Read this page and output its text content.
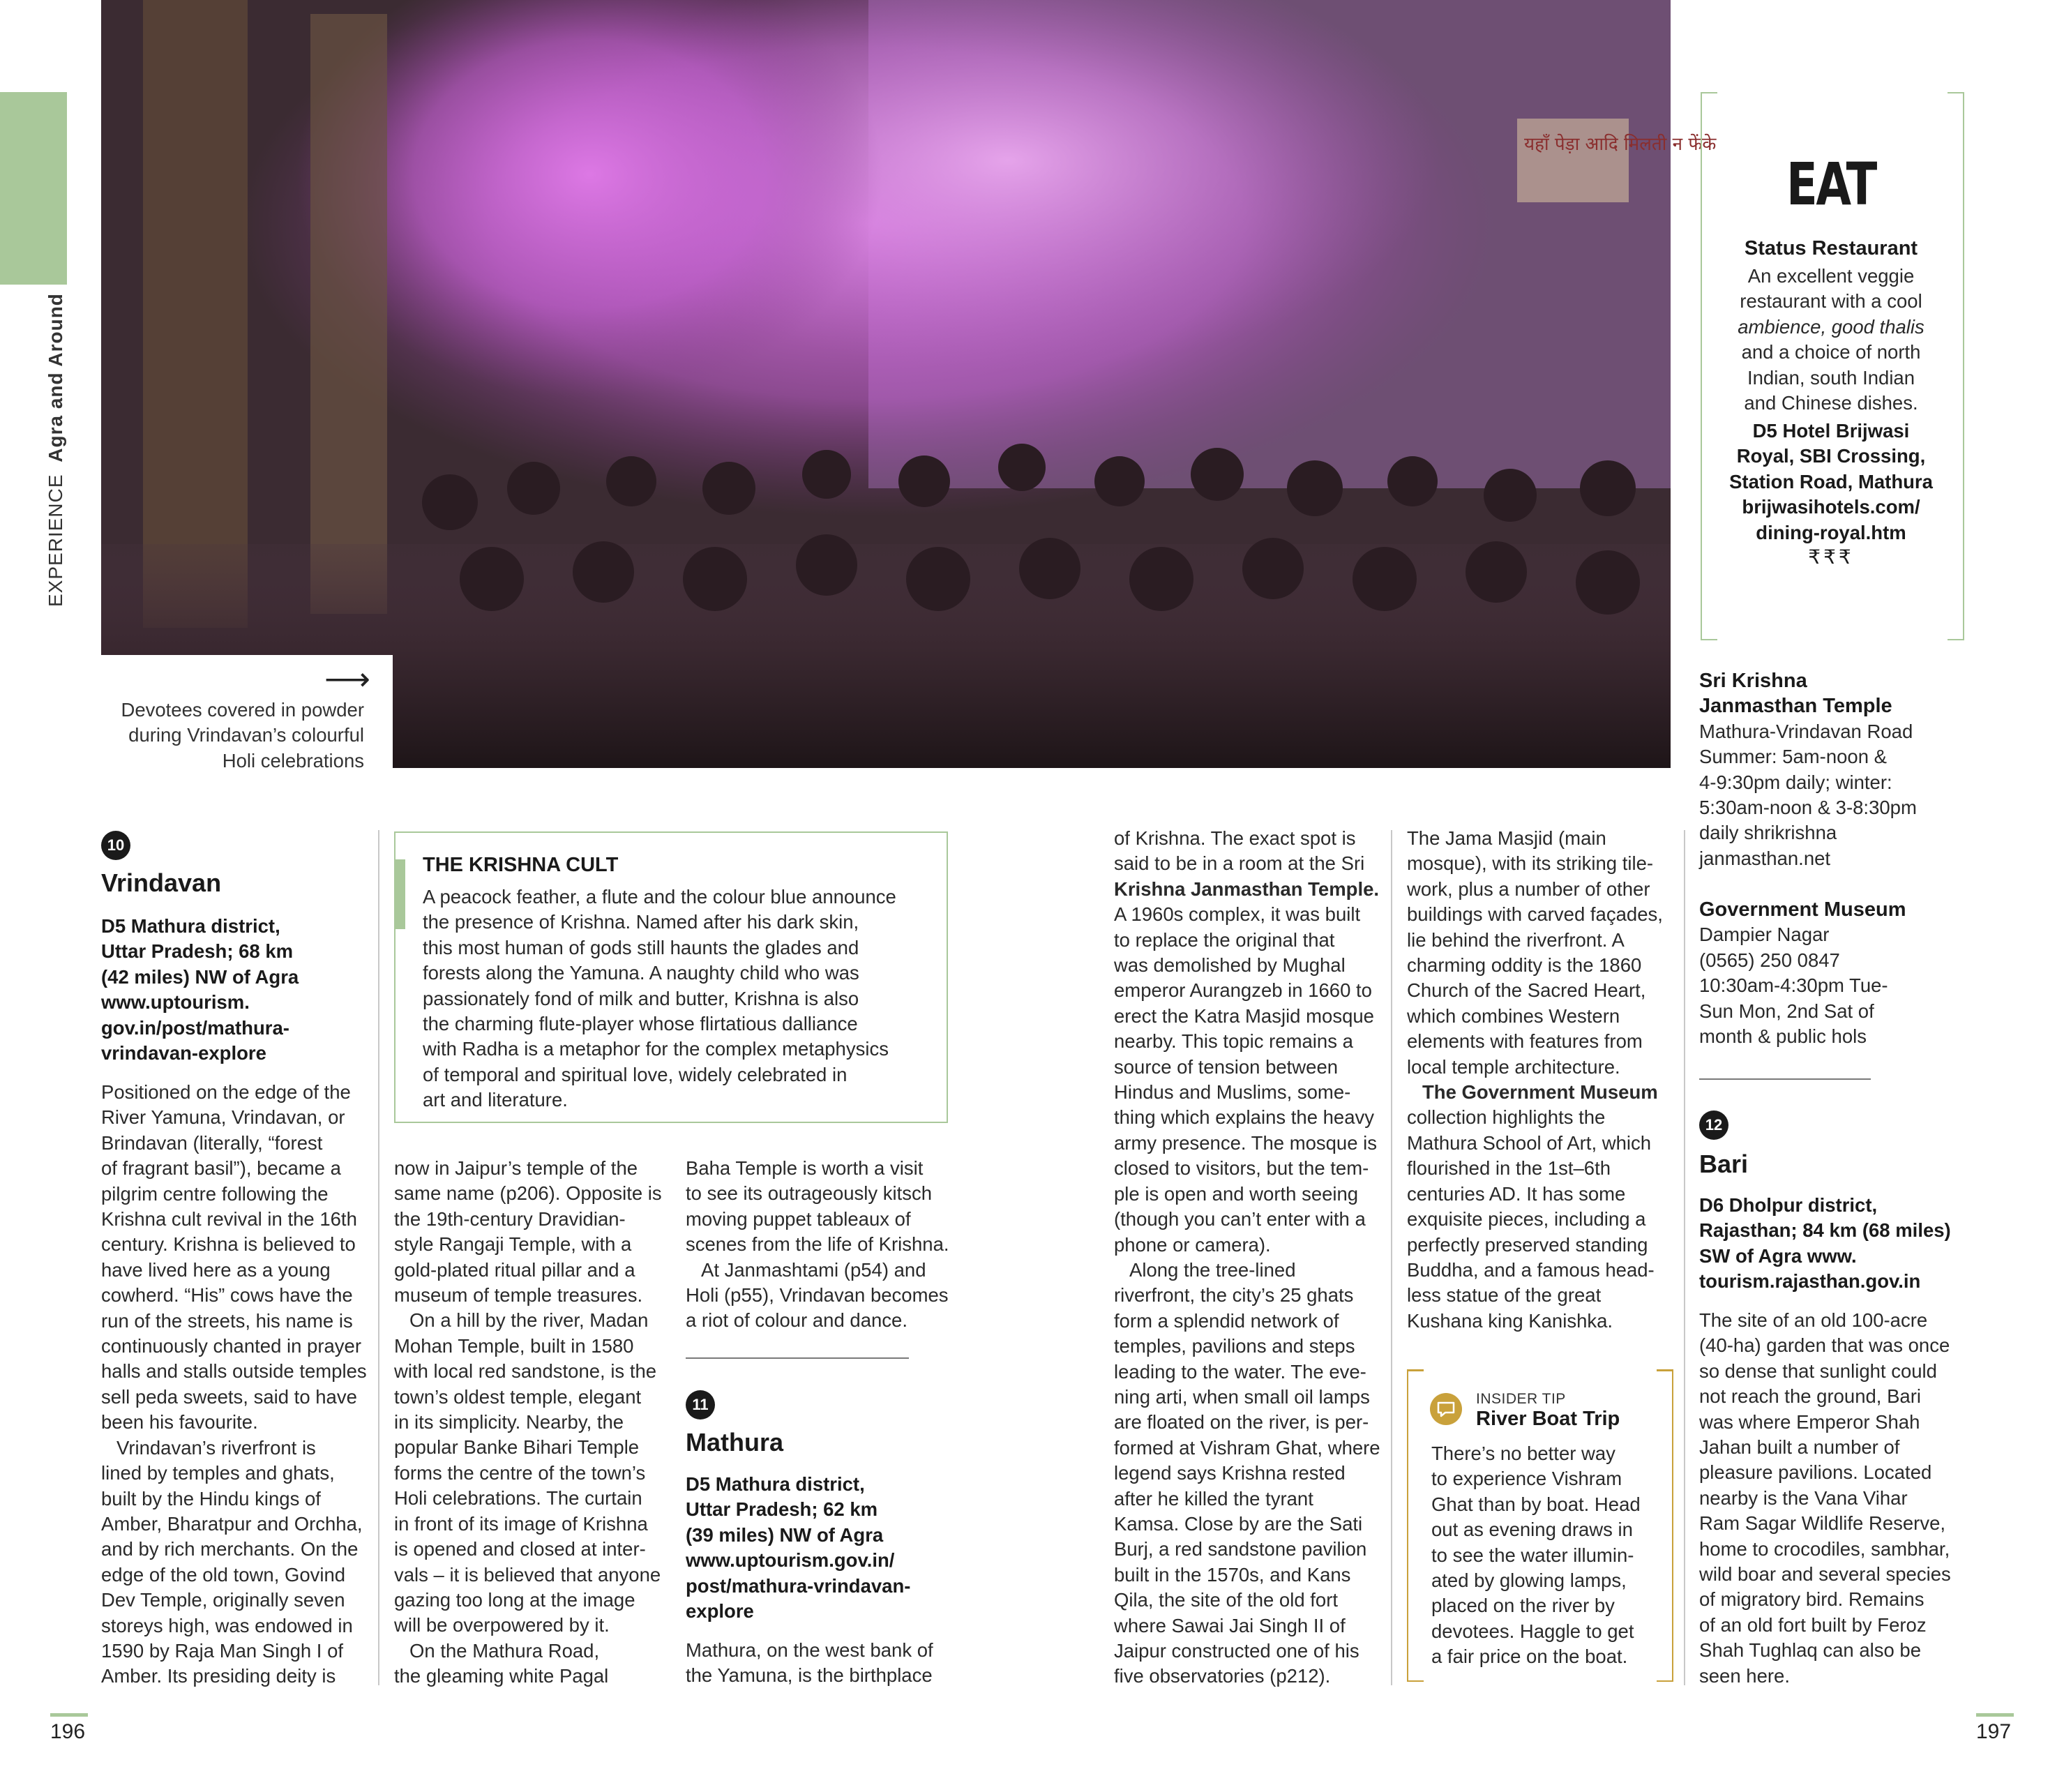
EXPERIENCE Agra and Around
यहाँ पेड़ा आदि मिलती न फेंके
⟶
Devotees covered in powder during Vrindavan’s colourful Holi celebrations
EAT
Status Restaurant
An excellent veggie
restaurant with a cool
ambience, good thalis
and a choice of north
Indian, south Indian
and Chinese dishes.
D5 Hotel Brijwasi
Royal, SBI Crossing,
Station Road, Mathura
brijwasihotels.com/
dining-royal.htm
₹₹₹
Sri Krishna
Janmasthan Temple
Mathura-Vrindavan Road
Summer: 5am-noon &
4-9:30pm daily; winter:
5:30am-noon & 3-8:30pm
daily shrikrishna
janmasthan.net
Government Museum
Dampier Nagar
(0565) 250 0847
10:30am-4:30pm Tue-
Sun Mon, 2nd Sat of
month & public hols
12
Bari
D6 Dholpur district,
Rajasthan; 84 km (68 miles)
SW of Agra www.
tourism.rajasthan.gov.in
The site of an old 100-acre
(40-ha) garden that was once
so dense that sunlight could
not reach the ground, Bari
was where Emperor Shah
Jahan built a number of
pleasure pavilions. Located
nearby is the Vana Vihar
Ram Sagar Wildlife Reserve,
home to crocodiles, sambhar,
wild boar and several species
of migratory bird. Remains
of an old fort built by Feroz
Shah Tughlaq can also be
seen here.
10
Vrindavan
D5 Mathura district,
Uttar Pradesh; 68 km
(42 miles) NW of Agra
www.uptourism.
gov.in/post/mathura-
vrindavan-explore
Positioned on the edge of the
River Yamuna, Vrindavan, or
Brindavan (literally, “forest
of fragrant basil”), became a
pilgrim centre following the
Krishna cult revival in the 16th
century. Krishna is believed to
have lived here as a young
cowherd. “His” cows have the
run of the streets, his name is
continuously chanted in prayer
halls and stalls outside temples
sell peda sweets, said to have
been his favourite.
Vrindavan’s riverfront is
lined by temples and ghats,
built by the Hindu kings of
Amber, Bharatpur and Orchha,
and by rich merchants. On the
edge of the old town, Govind
Dev Temple, originally seven
storeys high, was endowed in
1590 by Raja Man Singh I of
Amber. Its presiding deity is
THE KRISHNA CULT
A peacock feather, a flute and the colour blue announce
the presence of Krishna. Named after his dark skin,
this most human of gods still haunts the glades and
forests along the Yamuna. A naughty child who was
passionately fond of milk and butter, Krishna is also
the charming flute-player whose flirtatious dalliance
with Radha is a metaphor for the complex metaphysics
of temporal and spiritual love, widely celebrated in
art and literature.
now in Jaipur’s temple of the
same name (p206). Opposite is
the 19th-century Dravidian-
style Rangaji Temple, with a
gold-plated ritual pillar and a
museum of temple treasures.
On a hill by the river, Madan
Mohan Temple, built in 1580
with local red sandstone, is the
town’s oldest temple, elegant
in its simplicity. Nearby, the
popular Banke Bihari Temple
forms the centre of the town’s
Holi celebrations. The curtain
in front of its image of Krishna
is opened and closed at inter-
vals – it is believed that anyone
gazing too long at the image
will be overpowered by it.
On the Mathura Road,
the gleaming white Pagal
Baha Temple is worth a visit
to see its outrageously kitsch
moving puppet tableaux of
scenes from the life of Krishna.
At Janmashtami (p54) and
Holi (p55), Vrindavan becomes
a riot of colour and dance.
11
Mathura
D5 Mathura district,
Uttar Pradesh; 62 km
(39 miles) NW of Agra
www.uptourism.gov.in/
post/mathura-vrindavan-
explore
Mathura, on the west bank of
the Yamuna, is the birthplace
of Krishna. The exact spot is
said to be in a room at the Sri
Krishna Janmasthan Temple.
A 1960s complex, it was built
to replace the original that
was demolished by Mughal
emperor Aurangzeb in 1660 to
erect the Katra Masjid mosque
nearby. This topic remains a
source of tension between
Hindus and Muslims, some-
thing which explains the heavy
army presence. The mosque is
closed to visitors, but the tem-
ple is open and worth seeing
(though you can’t enter with a
phone or camera).
Along the tree-lined
riverfront, the city’s 25 ghats
form a splendid network of
temples, pavilions and steps
leading to the water. The eve-
ning arti, when small oil lamps
are floated on the river, is per-
formed at Vishram Ghat, where
legend says Krishna rested
after he killed the tyrant
Kamsa. Close by are the Sati
Burj, a red sandstone pavilion
built in the 1570s, and Kans
Qila, the site of the old fort
where Sawai Jai Singh II of
Jaipur constructed one of his
five observatories (p212).
The Jama Masjid (main
mosque), with its striking tile-
work, plus a number of other
buildings with carved façades,
lie behind the riverfront. A
charming oddity is the 1860
Church of the Sacred Heart,
which combines Western
elements with features from
local temple architecture.
The Government Museum
collection highlights the
Mathura School of Art, which
flourished in the 1st–6th
centuries AD. It has some
exquisite pieces, including a
perfectly preserved standing
Buddha, and a famous head-
less statue of the great
Kushana king Kanishka.
INSIDER TIP
River Boat Trip
There’s no better way
to experience Vishram
Ghat than by boat. Head
out as evening draws in
to see the water illumin-
ated by glowing lamps,
placed on the river by
devotees. Haggle to get
a fair price on the boat.
196	197
